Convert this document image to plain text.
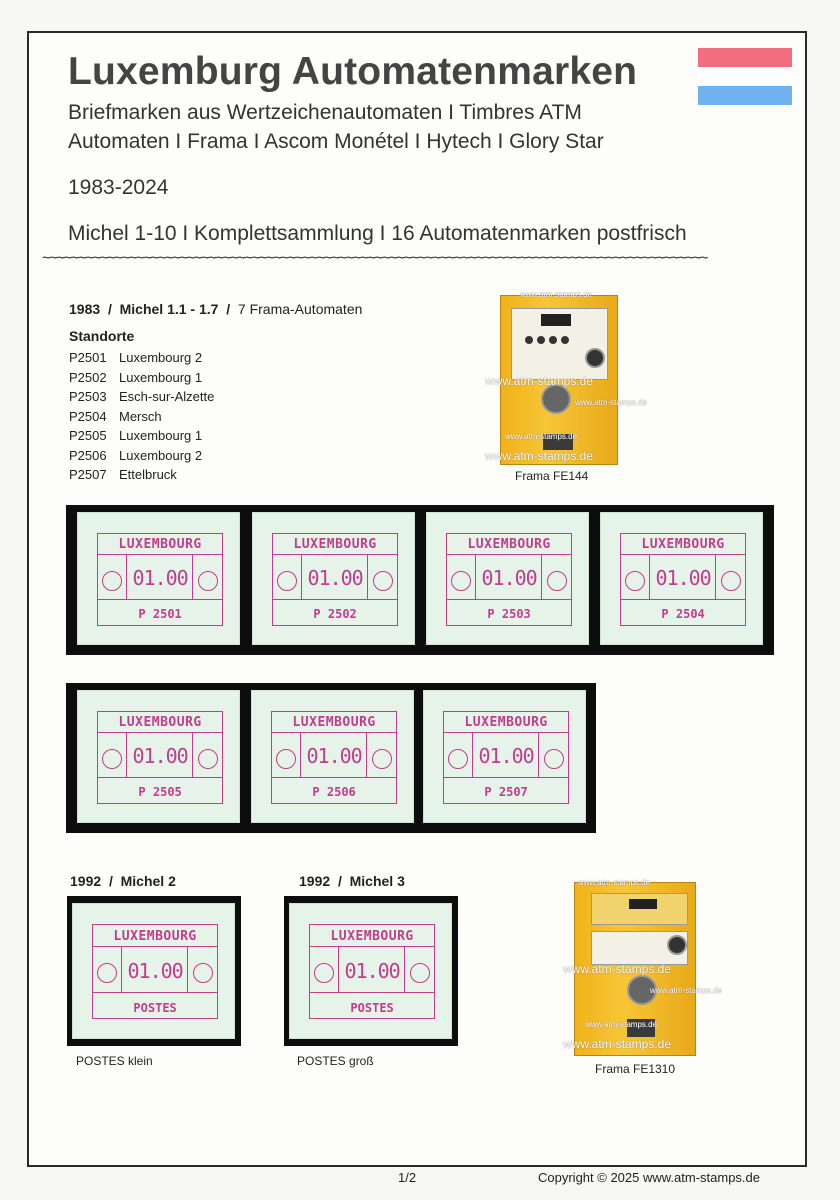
Luxemburg Automatenmarken
Briefmarken aus Wertzeichenautomaten I Timbres ATM
Automaten I Frama I Ascom Monétel I Hytech I Glory Star
1983-2024
Michel 1-10 I Komplettsammlung I 16 Automatenmarken postfrisch
~~~~~~~~~~~~~~~~~~~~~~~~~~~~~~~~~~~~~~~~~~~~~~~~~~~~~~~~~~~~~~~~~~~~~~~~~~~~~~~~~~~~~~~~~~~~
1983 / Michel 1.1 - 1.7 / 7 Frama-Automaten
Standorte
P2501 Luxembourg 2
P2502 Luxembourg 1
P2503 Esch-sur-Alzette
P2504 Mersch
P2505 Luxembourg 1
P2506 Luxembourg 2
P2507 Ettelbruck
www.atm-stamps.de
www.atm-stamps.de
www.atm-stamps.de
www.atm-stamps.de
www.atm-stamps.de
Frama FE144
LUXEMBOURG
01.00
P 2501
LUXEMBOURG
01.00
P 2502
LUXEMBOURG
01.00
P 2503
LUXEMBOURG
01.00
P 2504
LUXEMBOURG
01.00
P 2505
LUXEMBOURG
01.00
P 2506
LUXEMBOURG
01.00
P 2507
1992 / Michel 2	1992 / Michel 3
LUXEMBOURG
01.00
POSTES
LUXEMBOURG
01.00
POSTES
POSTES klein	POSTES groß
www.atm-stamps.de
www.atm-stamps.de
www.atm-stamps.de
www.atm-stamps.de
www.atm-stamps.de
Frama FE1310
1/2	Copyright © 2025 www.atm-stamps.de
